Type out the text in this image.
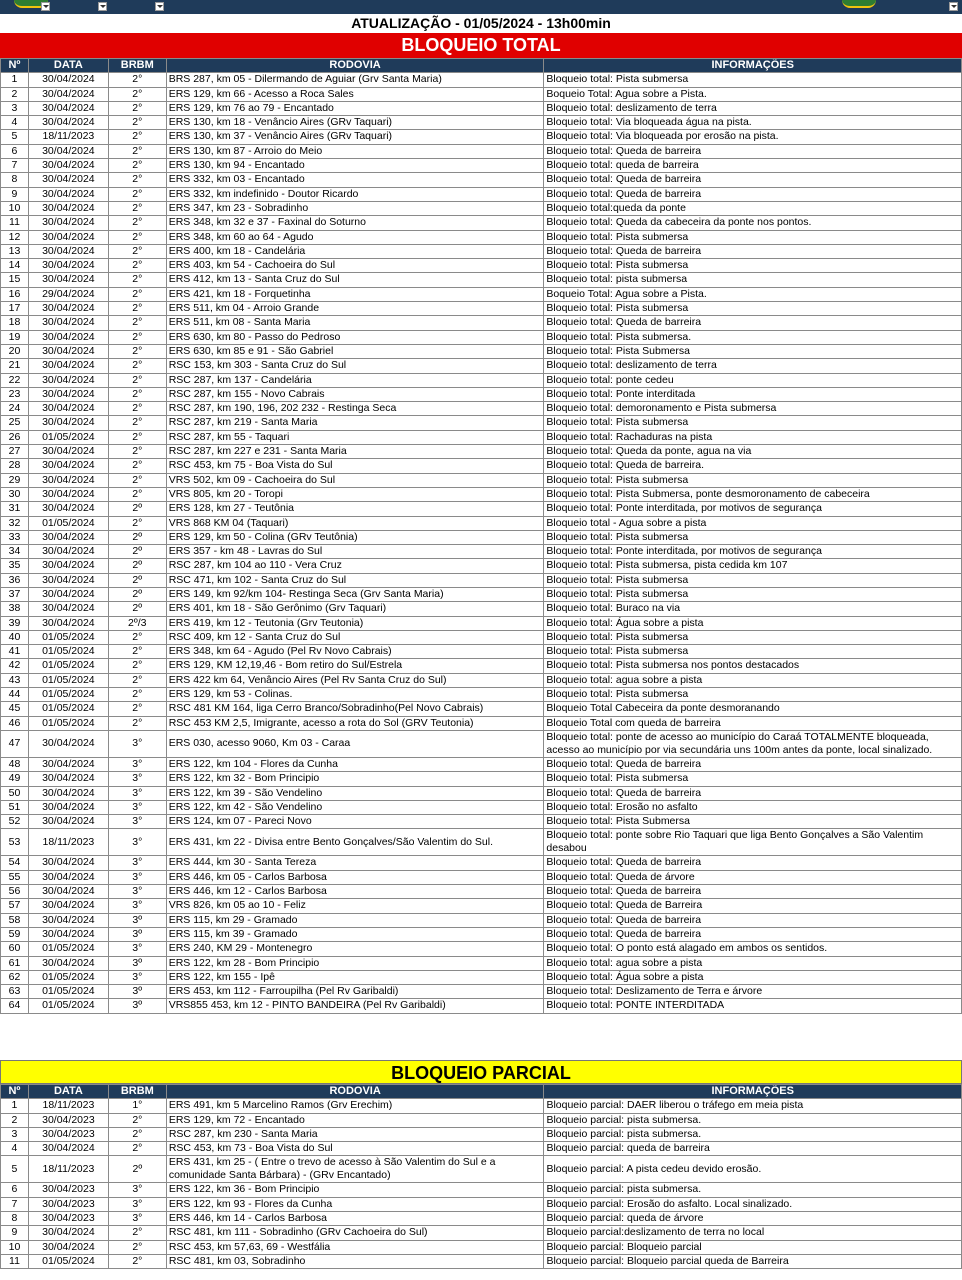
ATUALIZAÇÃO - 01/05/2024 - 13h00min
BLOQUEIO TOTAL
Nº	DATA	BRBM	RODOVIA	INFORMAÇÕES
1	30/04/2024	2°	BRS 287, km 05 - Dilermando de Aguiar (Grv Santa Maria)	Bloqueio total: Pista submersa
2	30/04/2024	2°	ERS 129, km 66 - Acesso a Roca Sales	Boqueio Total: Agua sobre a Pista.
3	30/04/2024	2°	ERS 129, km 76 ao 79 - Encantado	Bloqueio total: deslizamento de terra
4	30/04/2024	2°	ERS 130, km 18 - Venâncio Aires (GRv Taquari)	Bloqueio total: Via bloqueada água na pista.
5	18/11/2023	2°	ERS 130, km 37 - Venâncio Aires (GRv Taquari)	Bloqueio total: Via bloqueada por erosão na pista.
6	30/04/2024	2°	ERS 130, km 87 - Arroio do Meio	Bloqueio total: Queda de barreira
7	30/04/2024	2°	ERS 130, km 94 - Encantado	Bloqueio total: queda de barreira
8	30/04/2024	2°	ERS 332, km 03 - Encantado	Bloqueio total: Queda de barreira
9	30/04/2024	2°	ERS 332, km indefinido - Doutor Ricardo	Bloqueio total: Queda de barreira
10	30/04/2024	2°	ERS 347, km 23 - Sobradinho	Bloqueio total:queda da ponte
11	30/04/2024	2°	ERS 348, km 32 e 37 - Faxinal do Soturno	Bloqueio total: Queda da cabeceira da ponte nos pontos.
12	30/04/2024	2°	ERS 348, km 60 ao 64 - Agudo	Bloqueio total: Pista submersa
13	30/04/2024	2°	ERS 400, km 18 - Candelária	Bloqueio total: Queda de barreira
14	30/04/2024	2°	ERS 403, km 54 - Cachoeira do Sul	Bloqueio total: Pista submersa
15	30/04/2024	2°	ERS 412, km 13 - Santa Cruz do Sul	Bloqueio total: pista submersa
16	29/04/2024	2°	ERS 421, km 18 - Forquetinha	Boqueio Total: Agua sobre a Pista.
17	30/04/2024	2°	ERS 511, km 04 - Arroio Grande	Bloqueio total: Pista submersa
18	30/04/2024	2°	ERS 511, km 08 - Santa Maria	Bloqueio total: Queda de barreira
19	30/04/2024	2°	ERS 630, km 80 - Passo do Pedroso	Bloqueio total: Pista submersa.
20	30/04/2024	2°	ERS 630, km 85 e 91 - São Gabriel	Bloqueio total: Pista Submersa
21	30/04/2024	2°	RSC 153, km 303 - Santa Cruz do Sul	Bloqueio total: deslizamento de terra
22	30/04/2024	2°	RSC 287, km 137 - Candelária	Bloqueio total: ponte cedeu
23	30/04/2024	2°	RSC 287, km 155 - Novo Cabrais	Bloqueio total: Ponte interditada
24	30/04/2024	2°	RSC 287, km 190, 196, 202 232 - Restinga Seca	Bloqueio total: demoronamento e Pista submersa
25	30/04/2024	2°	RSC 287, km 219 - Santa Maria	Bloqueio total: Pista submersa
26	01/05/2024	2°	RSC 287, km 55 - Taquari	Bloqueio total: Rachaduras na pista
27	30/04/2024	2°	RSC 287, km 227 e 231 - Santa Maria	Bloqueio total: Queda da ponte, agua na via
28	30/04/2024	2°	RSC 453, km 75 - Boa Vista do Sul	Bloqueio total: Queda de barreira.
29	30/04/2024	2°	VRS 502, km 09 - Cachoeira do Sul	Bloqueio total: Pista submersa
30	30/04/2024	2°	VRS 805, km 20 - Toropi	Bloqueio total: Pista Submersa, ponte desmoronamento de cabeceira
31	30/04/2024	2º	ERS 128, km 27 - Teutônia	Bloqueio total: Ponte interditada, por motivos de segurança
32	01/05/2024	2°	VRS 868 KM 04 (Taquari)	Bloqueio total - Agua sobre a pista
33	30/04/2024	2º	ERS 129, km 50 - Colina (GRv Teutônia)	Bloqueio total: Pista submersa
34	30/04/2024	2º	ERS 357 - km 48 - Lavras do Sul	Bloqueio total: Ponte interditada, por motivos de segurança
35	30/04/2024	2º	RSC 287, km 104 ao 110 - Vera Cruz	Bloqueio total: Pista submersa, pista cedida km 107
36	30/04/2024	2º	RSC 471, km 102 - Santa Cruz do Sul	Bloqueio total: Pista submersa
37	30/04/2024	2º	ERS 149, km 92/km 104- Restinga Seca (Grv Santa Maria)	Bloqueio total: Pista submersa
38	30/04/2024	2º	ERS 401, km 18 - São Gerônimo (Grv Taquari)	Bloqueio total: Buraco na via
39	30/04/2024	2º/3	ERS 419, km 12 - Teutonia (Grv Teutonia)	Bloqueio total: Água sobre a pista
40	01/05/2024	2°	RSC 409, km 12 - Santa Cruz do Sul	Bloqueio total: Pista submersa
41	01/05/2024	2°	ERS 348, km 64 - Agudo (Pel Rv Novo Cabrais)	Bloqueio total: Pista submersa
42	01/05/2024	2°	ERS 129, KM 12,19,46 - Bom retiro do Sul/Estrela	Bloqueio total: Pista submersa nos pontos destacados
43	01/05/2024	2°	ERS 422 km 64, Venâncio Aires (Pel Rv Santa Cruz do Sul)	Bloqueio total: agua sobre a pista
44	01/05/2024	2°	ERS 129, km 53 - Colinas.	Bloqueio total: Pista submersa
45	01/05/2024	2°	RSC 481 KM 164, liga Cerro Branco/Sobradinho(Pel Novo Cabrais)	Bloqueio Total Cabeceira da ponte desmoranando
46	01/05/2024	2°	RSC 453 KM 2,5, Imigrante, acesso a rota do Sol (GRV Teutonia)	Bloqueio Total com queda de barreira
47	30/04/2024	3°	ERS 030, acesso 9060, Km 03 - Caraa	Bloqueio total: ponte de acesso ao município do Caraá TOTALMENTE bloqueada, acesso ao município por via secundária uns 100m antes da ponte, local sinalizado.
48	30/04/2024	3°	ERS 122, km 104 - Flores da Cunha	Bloqueio total: Queda de barreira
49	30/04/2024	3°	ERS 122, km 32 - Bom Principio	Bloqueio total: Pista submersa
50	30/04/2024	3°	ERS 122, km 39 - São Vendelino	Bloqueio total: Queda de barreira
51	30/04/2024	3°	ERS 122, km 42 - São Vendelino	Bloqueio total: Erosão no asfalto
52	30/04/2024	3°	ERS 124, km 07 - Pareci Novo	Bloqueio total: Pista Submersa
53	18/11/2023	3°	ERS 431, km 22 - Divisa entre Bento Gonçalves/São Valentim do Sul.	Bloqueio total: ponte sobre Rio Taquari que liga Bento Gonçalves a São Valentim desabou
54	30/04/2024	3°	ERS 444, km 30 - Santa Tereza	Bloqueio total: Queda de barreira
55	30/04/2024	3°	ERS 446, km 05 - Carlos Barbosa	Bloqueio total: Queda de árvore
56	30/04/2024	3°	ERS 446, km 12 - Carlos Barbosa	Bloqueio total: Queda de barreira
57	30/04/2024	3°	VRS 826, km 05 ao 10 - Feliz	Bloqueio total: Queda de Barreira
58	30/04/2024	3º	ERS 115, km 29 - Gramado	Bloqueio total: Queda de barreira
59	30/04/2024	3º	ERS 115, km 39 - Gramado	Bloqueio total: Queda de barreira
60	01/05/2024	3°	ERS 240, KM 29 - Montenegro	Bloqueio total: O ponto está alagado em ambos os sentidos.
61	30/04/2024	3º	ERS 122, km 28 - Bom Principio	Bloqueio total: agua sobre a pista
62	01/05/2024	3°	ERS 122, km 155 - Ipê	Bloqueio total: Água sobre a pista
63	01/05/2024	3º	ERS 453, km 112 - Farroupilha (Pel Rv Garibaldi)	Bloqueio total: Deslizamento de Terra e árvore
64	01/05/2024	3º	VRS855 453, km 12 - PINTO BANDEIRA (Pel Rv Garibaldi)	Bloqueio total: PONTE INTERDITADA
BLOQUEIO PARCIAL
Nº	DATA	BRBM	RODOVIA	INFORMAÇÕES
1	18/11/2023	1°	ERS 491, km 5 Marcelino Ramos (Grv Erechim)	Bloqueio parcial: DAER liberou o tráfego em meia pista
2	30/04/2023	2°	ERS 129, km 72 - Encantado	Bloqueio parcial: pista submersa.
3	30/04/2023	2°	RSC 287, km 230 - Santa Maria	Bloqueio parcial: pista submersa.
4	30/04/2024	2°	RSC 453, km 73 - Boa Vista do Sul	Bloqueio parcial: queda de barreira
5	18/11/2023	2º	ERS 431, km 25 - ( Entre o trevo de acesso à São Valentim do Sul e a comunidade Santa Bárbara) - (GRv Encantado)	Bloqueio parcial: A pista cedeu devido erosão.
6	30/04/2023	3°	ERS 122, km 36 - Bom Principio	Bloqueio parcial: pista submersa.
7	30/04/2023	3°	ERS 122, km 93 - Flores da Cunha	Bloqueio parcial: Erosão do asfalto. Local sinalizado.
8	30/04/2023	3°	ERS 446, km 14 - Carlos Barbosa	Bloqueio parcial: queda de árvore
9	30/04/2024	2°	RSC 481, km 111 - Sobradinho (GRv Cachoeira do Sul)	Bloqueio parcial:deslizamento de terra no local
10	30/04/2024	2°	RSC 453, km 57,63, 69 - Westfália	Bloqueio parcial: Bloqueio parcial
11	01/05/2024	2°	RSC 481, km 03, Sobradinho	Bloqueio parcial: Bloqueio parcial queda de Barreira
